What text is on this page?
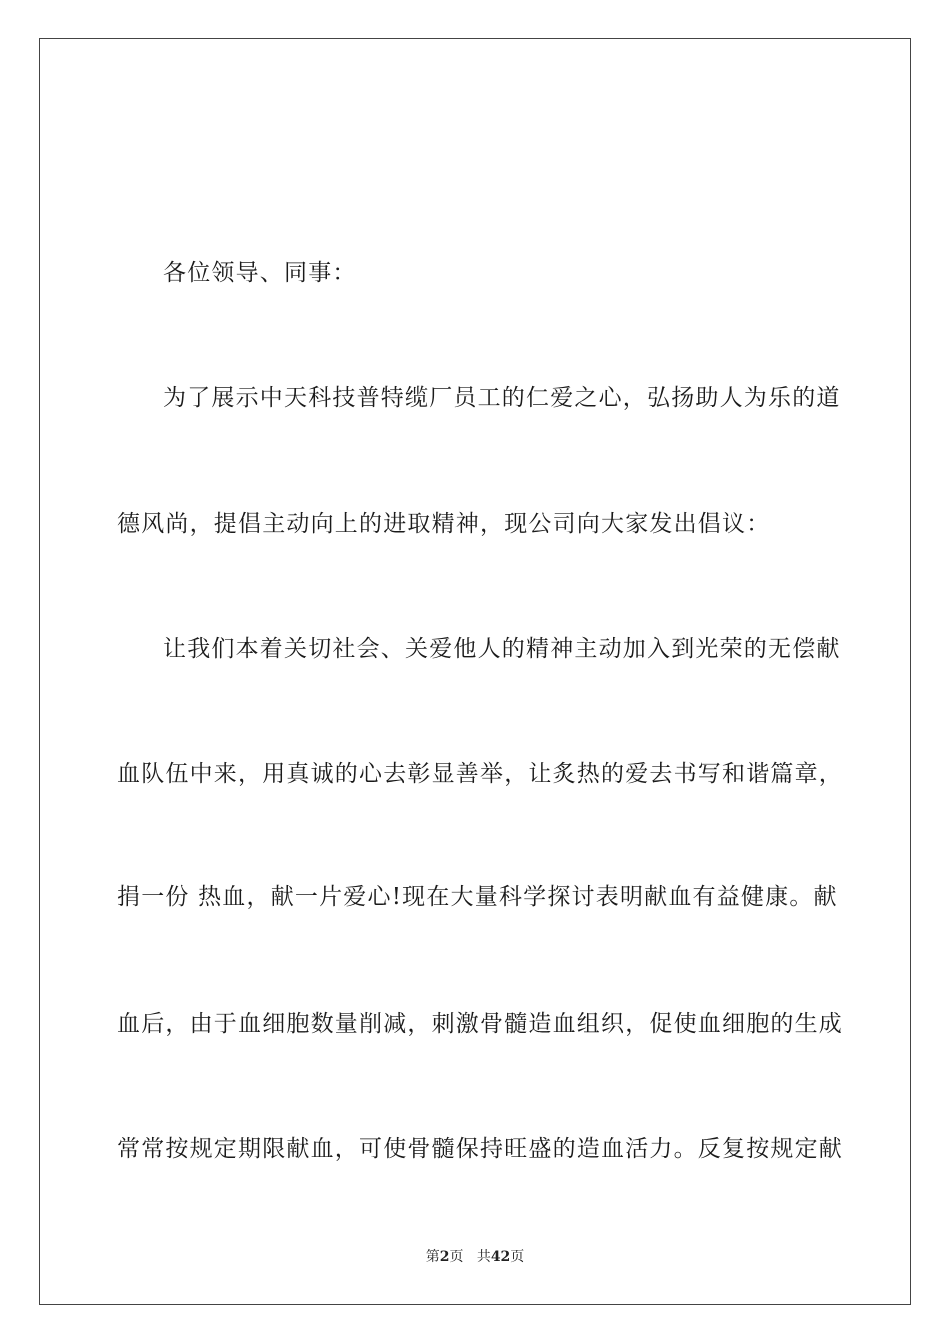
各位领导、同事：
为了展示中天科技普特缆厂员工的仁爱之心，弘扬助人为乐的道
德风尚，提倡主动向上的进取精神，现公司向大家发出倡议：
让我们本着关切社会、关爱他人的精神主动加入到光荣的无偿献
血队伍中来，用真诚的心去彰显善举，让炙热的爱去书写和谐篇章，
捐一份 热血，献一片爱心!现在大量科学探讨表明献血有益健康。献
血后，由于血细胞数量削减，刺激骨髓造血组织，促使血细胞的生成
常常按规定期限献血，可使骨髓保持旺盛的造血活力。反复按规定献
第2页 共42页
